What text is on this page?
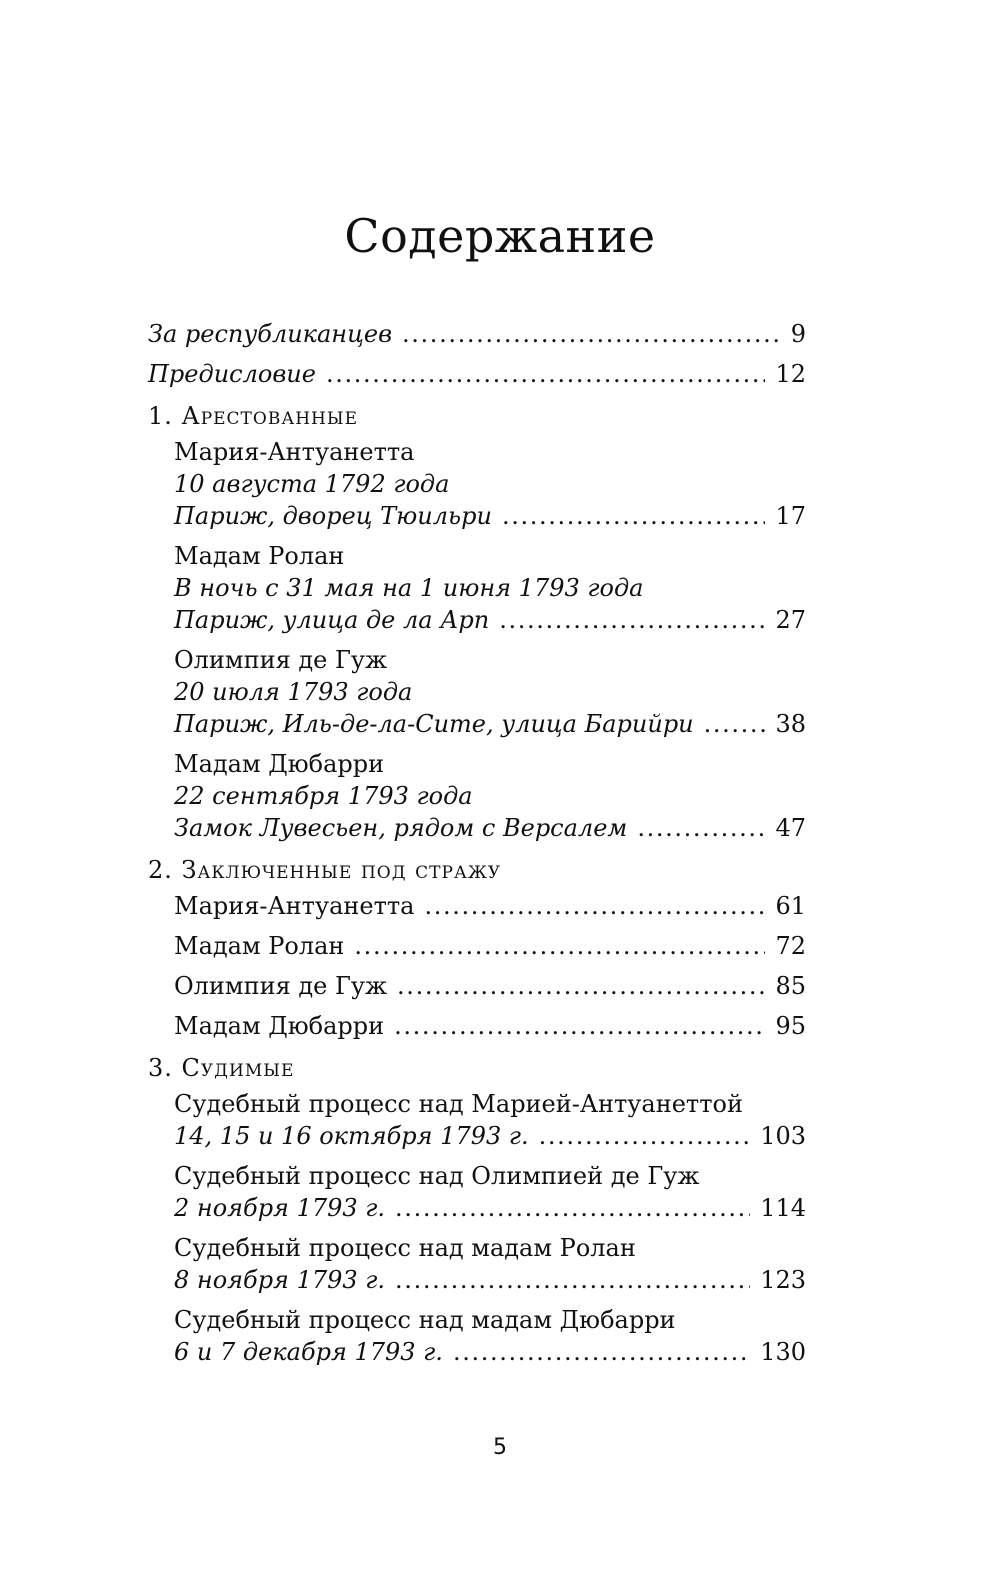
Содержание
За республиканцев . . .	9
Предисловие . . .	12
1. Арестованные
Мария-Антуанетта
10 августа 1792 года
Париж, дворец Тюильри . . .	17
Мадам Ролан
В ночь с 31 мая на 1 июня 1793 года
Париж, улица де ла Арп . . .	27
Олимпия де Гуж
20 июля 1793 года
Париж, Иль-де-ла-Сите, улица Барийри . . .	38
Мадам Дюбарри
22 сентября 1793 года
Замок Лувесьен, рядом с Версалем . . .	47
2. Заключенные под стражу
Мария-Антуанетта . . .	61
Мадам Ролан . . .	72
Олимпия де Гуж . . .	85
Мадам Дюбарри . . .	95
3. Судимые
Судебный процесс над Марией-Антуанеттой
14, 15 и 16 октября 1793 г. . . .	103
Судебный процесс над Олимпией де Гуж
2 ноября 1793 г. . . .	114
Судебный процесс над мадам Ролан
8 ноября 1793 г. . . .	123
Судебный процесс над мадам Дюбарри
6 и 7 декабря 1793 г. . . .	130
5
